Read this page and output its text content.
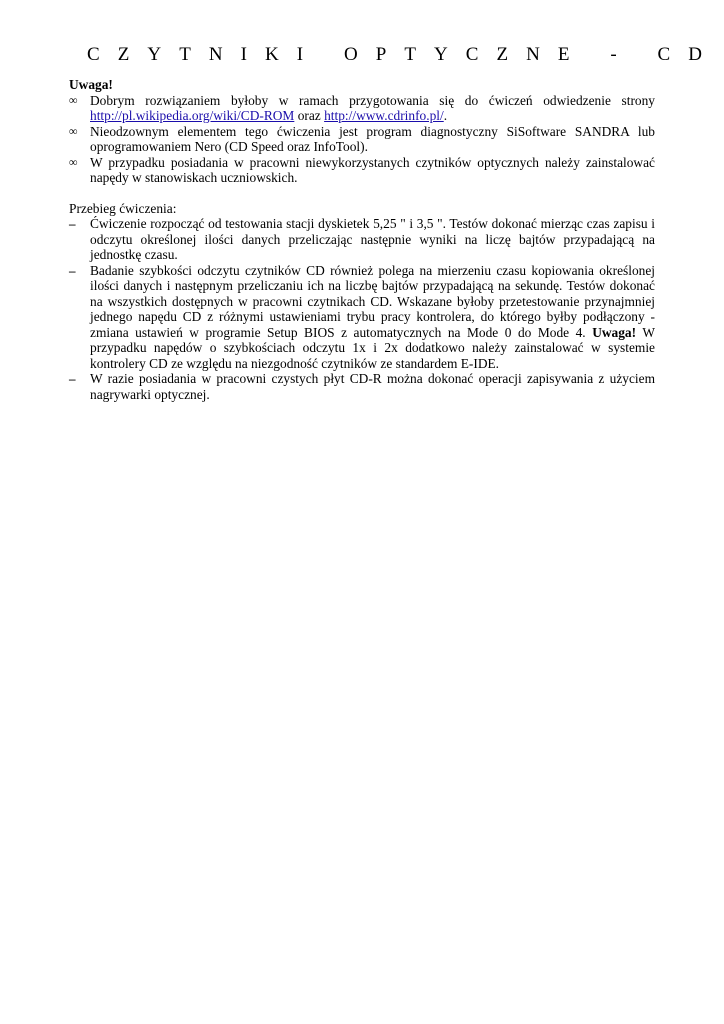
CZYTNIKI OPTYCZNE - CD

Uwaga!

∞ Dobrym rozwiązaniem byłoby w ramach przygotowania się do ćwiczeń odwiedzenie strony http://pl.wikipedia.org/wiki/CD-ROM oraz http://www.cdrinfo.pl/.
∞ Nieodzownym elementem tego ćwiczenia jest program diagnostyczny SiSoftware SANDRA lub oprogramowaniem Nero (CD Speed oraz InfoTool).
∞ W przypadku posiadania w pracowni niewykorzystanych czytników optycznych należy zainstalować napędy w stanowiskach uczniowskich.

Przebieg ćwiczenia:

–	Ćwiczenie rozpocząć od testowania stacji dyskietek 5,25 " i 3,5 ". Testów dokonać mierząc czas zapisu i odczytu określonej ilości danych przeliczając następnie wyniki na liczę bajtów przypadającą na jednostkę czasu.
–	Badanie szybkości odczytu czytników CD również polega na mierzeniu czasu kopiowania określonej ilości danych i następnym przeliczaniu ich na liczbę bajtów przypadającą na sekundę. Testów dokonać na wszystkich dostępnych w pracowni czytnikach CD. Wskazane byłoby przetestowanie przynajmniej jednego napędu CD z różnymi ustawieniami trybu pracy kontrolera, do którego byłby podłączony - zmiana ustawień w programie Setup BIOS z automatycznych na Mode 0 do Mode 4. Uwaga! W przypadku napędów o szybkościach odczytu 1x i 2x dodatkowo należy zainstalować w systemie kontrolery CD ze względu na niezgodność czytników ze standardem E-IDE.
–	W razie posiadania w pracowni czystych płyt CD-R można dokonać operacji zapisywania z użyciem nagrywarki optycznej.
